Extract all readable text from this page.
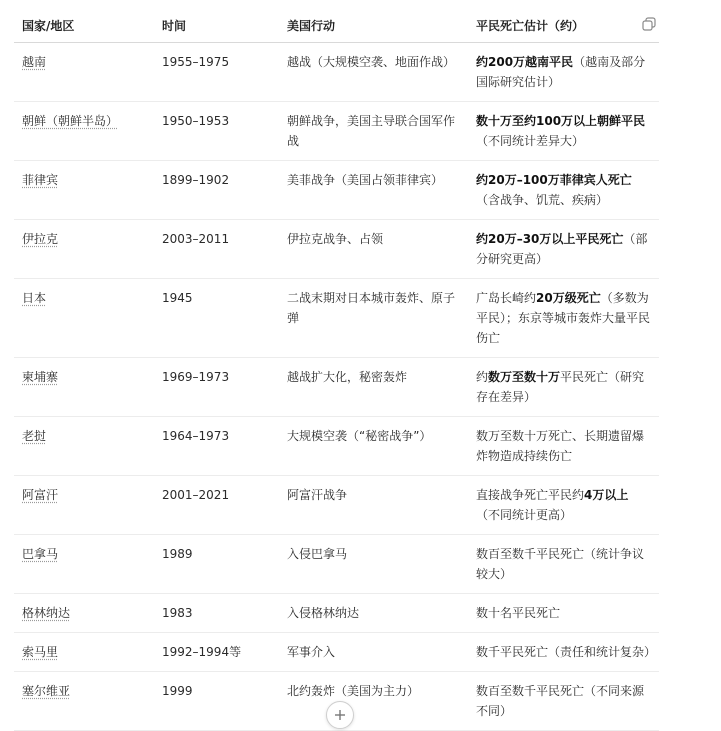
国家/地区	时间	美国行动	平民死亡估计（约）

越南	1955–1975	越战（大规模空袭、地面作战）	约200万越南平民（越南及部分国际研究估计）
朝鲜（朝鲜半岛）	1950–1953	朝鲜战争，美国主导联合国军作战	数十万至约100万以上朝鲜平民（不同统计差异大）
菲律宾	1899–1902	美菲战争（美国占领菲律宾）	约20万–100万菲律宾人死亡（含战争、饥荒、疾病）
伊拉克	2003–2011	伊拉克战争、占领	约20万–30万以上平民死亡（部分研究更高）
日本	1945	二战末期对日本城市轰炸、原子弹	广岛长崎约20万级死亡（多数为平民）；东京等城市轰炸大量平民伤亡
柬埔寨	1969–1973	越战扩大化，秘密轰炸	约数万至数十万平民死亡（研究存在差异）
老挝	1964–1973	大规模空袭（“秘密战争”）	数万至数十万死亡、长期遗留爆炸物造成持续伤亡
阿富汗	2001–2021	阿富汗战争	直接战争死亡平民约4万以上（不同统计更高）
巴拿马	1989	入侵巴拿马	数百至数千平民死亡（统计争议较大）
格林纳达	1983	入侵格林纳达	数十名平民死亡
索马里	1992–1994等	军事介入	数千平民死亡（责任和统计复杂）
塞尔维亚	1999	北约轰炸（美国为主力）	数百至数千平民死亡（不同来源不同）
